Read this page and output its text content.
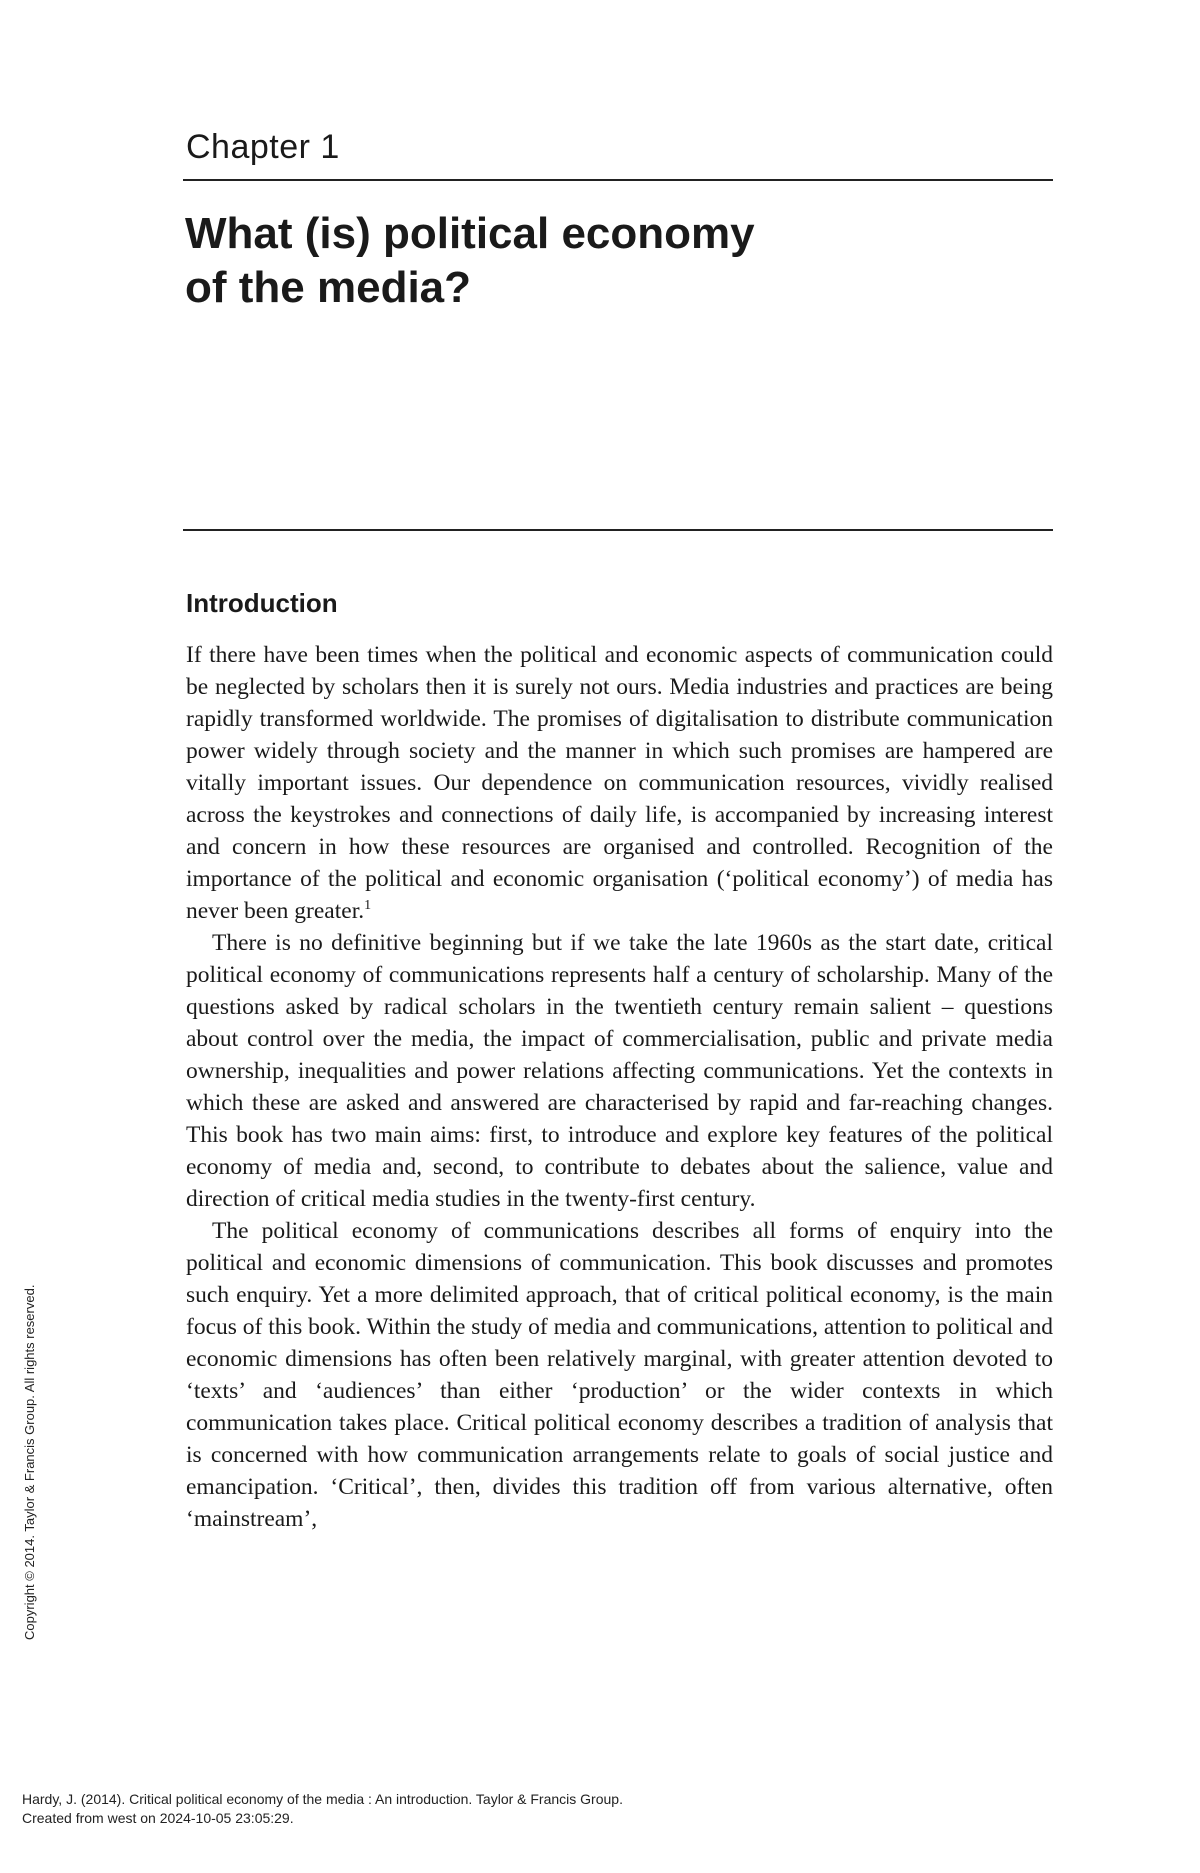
Chapter 1
What (is) political economy
of the media?
Introduction

If there have been times when the political and economic aspects of communication could be neglected by scholars then it is surely not ours. Media industries and practices are being rapidly transformed worldwide. The promises of digitalisation to distribute communication power widely through society and the manner in which such promises are hampered are vitally important issues. Our dependence on communication resources, vividly realised across the keystrokes and connections of daily life, is accompanied by increasing interest and concern in how these resources are organised and controlled. Recognition of the importance of the political and economic organisation (‘political economy’) of media has never been greater.$^1$

There is no definitive beginning but if we take the late 1960s as the start date, critical political economy of communications represents half a century of scholarship. Many of the questions asked by radical scholars in the twentieth century remain salient – questions about control over the media, the impact of commercialisation, public and private media ownership, inequalities and power relations affecting communications. Yet the contexts in which these are asked and answered are characterised by rapid and far-reaching changes. This book has two main aims: first, to introduce and explore key features of the political economy of media and, second, to contribute to debates about the salience, value and direction of critical media studies in the twenty-first century.

The political economy of communications describes all forms of enquiry into the political and economic dimensions of communication. This book discusses and promotes such enquiry. Yet a more delimited approach, that of critical political economy, is the main focus of this book. Within the study of media and communications, attention to political and economic dimensions has often been relatively marginal, with greater attention devoted to ‘texts’ and ‘audiences’ than either ‘production’ or the wider contexts in which communication takes place. Critical political economy describes a tradition of analysis that is concerned with how communication arrangements relate to goals of social justice and emancipation. ‘Critical’, then, divides this tradition off from various alternative, often ‘mainstream’,

Copyright © 2014. Taylor & Francis Group. All rights reserved.
Hardy, J. (2014). Critical political economy of the media : An introduction. Taylor & Francis Group.
Created from west on 2024-10-05 23:05:29.
